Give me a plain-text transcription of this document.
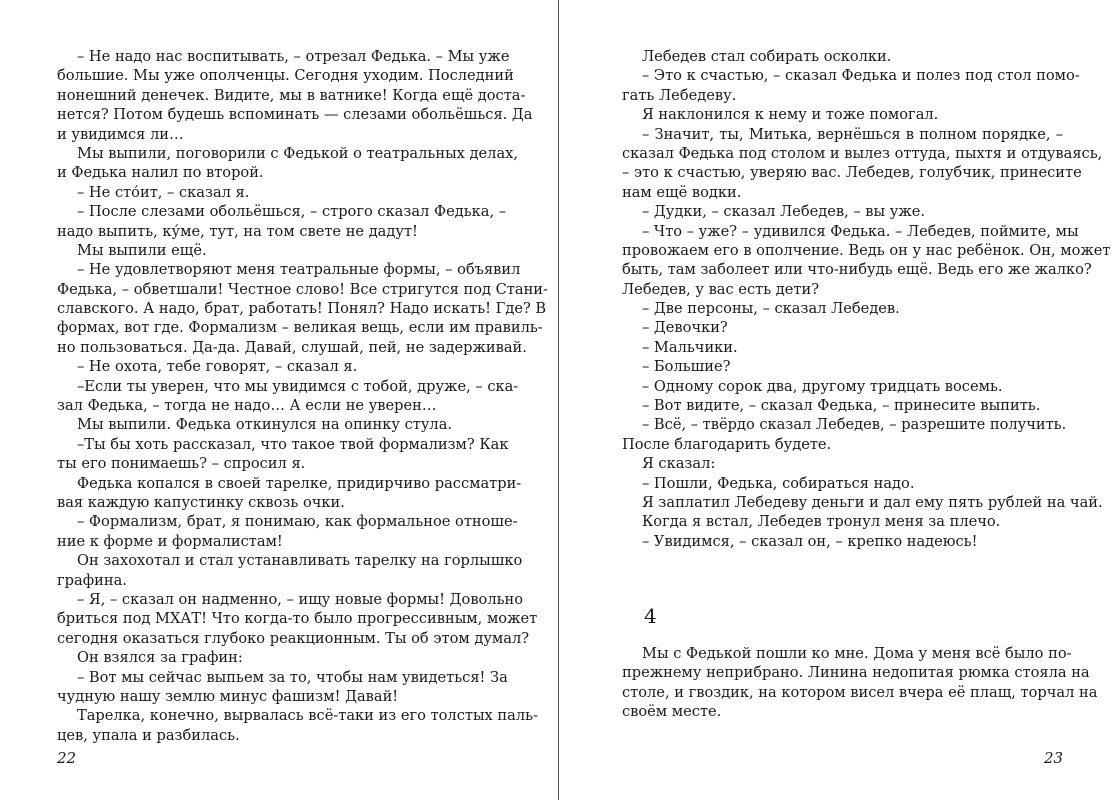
– Не надо нас воспитывать, – отрезал Федька. – Мы уже
большие. Мы уже ополченцы. Сегодня уходим. Последний
нонешний денечек. Видите, мы в ватнике! Когда ещё доста-
нется? Потом будешь вспоминать — слезами обольёшься. Да
и увидимся ли…
Мы выпили, поговорили с Федькой о театральных делах,
и Федька налил по второй.
– Не сто́ит, – сказал я.
– После слезами обольёшься, – строго сказал Федька, –
надо выпить, ку́ме, тут, на том свете не дадут!
Мы выпили ещё.
– Не удовлетворяют меня театральные формы, – объявил
Федька, – обветшали! Честное слово! Все стригутся под Стани-
славского. А надо, брат, работать! Понял? Надо искать! Где? В
формах, вот где. Формализм – великая вещь, если им правиль-
но пользоваться. Да-да. Давай, слушай, пей, не задерживай.
– Не охота, тебе говорят, – сказал я.
–Если ты уверен, что мы увидимся с тобой, друже, – ска-
зал Федька, – тогда не надо… А если не уверен…
Мы выпили. Федька откинулся на опинку стула.
–Ты бы хоть рассказал, что такое твой формализм? Как
ты его понимаешь? – спросил я.
Федька копался в своей тарелке, придирчиво рассматри-
вая каждую капустинку сквозь очки.
– Формализм, брат, я понимаю, как формальное отноше-
ние к форме и формалистам!
Он захохотал и стал устанавливать тарелку на горлышко
графина.
– Я, – сказал он надменно, – ищу новые формы! Довольно
бриться под МХАТ! Что когда-то было прогрессивным, может
сегодня оказаться глубоко реакционным. Ты об этом думал?
Он взялся за графин:
– Вот мы сейчас выпьем за то, чтобы нам увидеться! За
чудную нашу землю минус фашизм! Давай!
Тарелка, конечно, вырвалась всё-таки из его толстых паль-
цев, упала и разбилась.
Лебедев стал собирать осколки.
– Это к счастью, – сказал Федька и полез под стол помо-
гать Лебедеву.
Я наклонился к нему и тоже помогал.
– Значит, ты, Митька, вернёшься в полном порядке, –
сказал Федька под столом и вылез оттуда, пыхтя и отдуваясь,
– это к счастью, уверяю вас. Лебедев, голубчик, принесите
нам ещё водки.
– Дудки, – сказал Лебедев, – вы уже.
– Что – уже? – удивился Федька. – Лебедев, поймите, мы
провожаем его в ополчение. Ведь он у нас ребёнок. Он, может
быть, там заболеет или что-нибудь ещё. Ведь его же жалко?
Лебедев, у вас есть дети?
– Две персоны, – сказал Лебедев.
– Девочки?
– Мальчики.
– Большие?
– Одному сорок два, другому тридцать восемь.
– Вот видите, – сказал Федька, – принесите выпить.
– Всё, – твёрдо сказал Лебедев, – разрешите получить.
После благодарить будете.
Я сказал:
– Пошли, Федька, собираться надо.
Я заплатил Лебедеву деньги и дал ему пять рублей на чай.
Когда я встал, Лебедев тронул меня за плечо.
– Увидимся, – сказал он, – крепко надеюсь!
4
Мы с Федькой пошли ко мне. Дома у меня всё было по-
прежнему неприбрано. Линина недопитая рюмка стояла на
столе, и гвоздик, на котором висел вчера её плащ, торчал на
своём месте.
22	23
